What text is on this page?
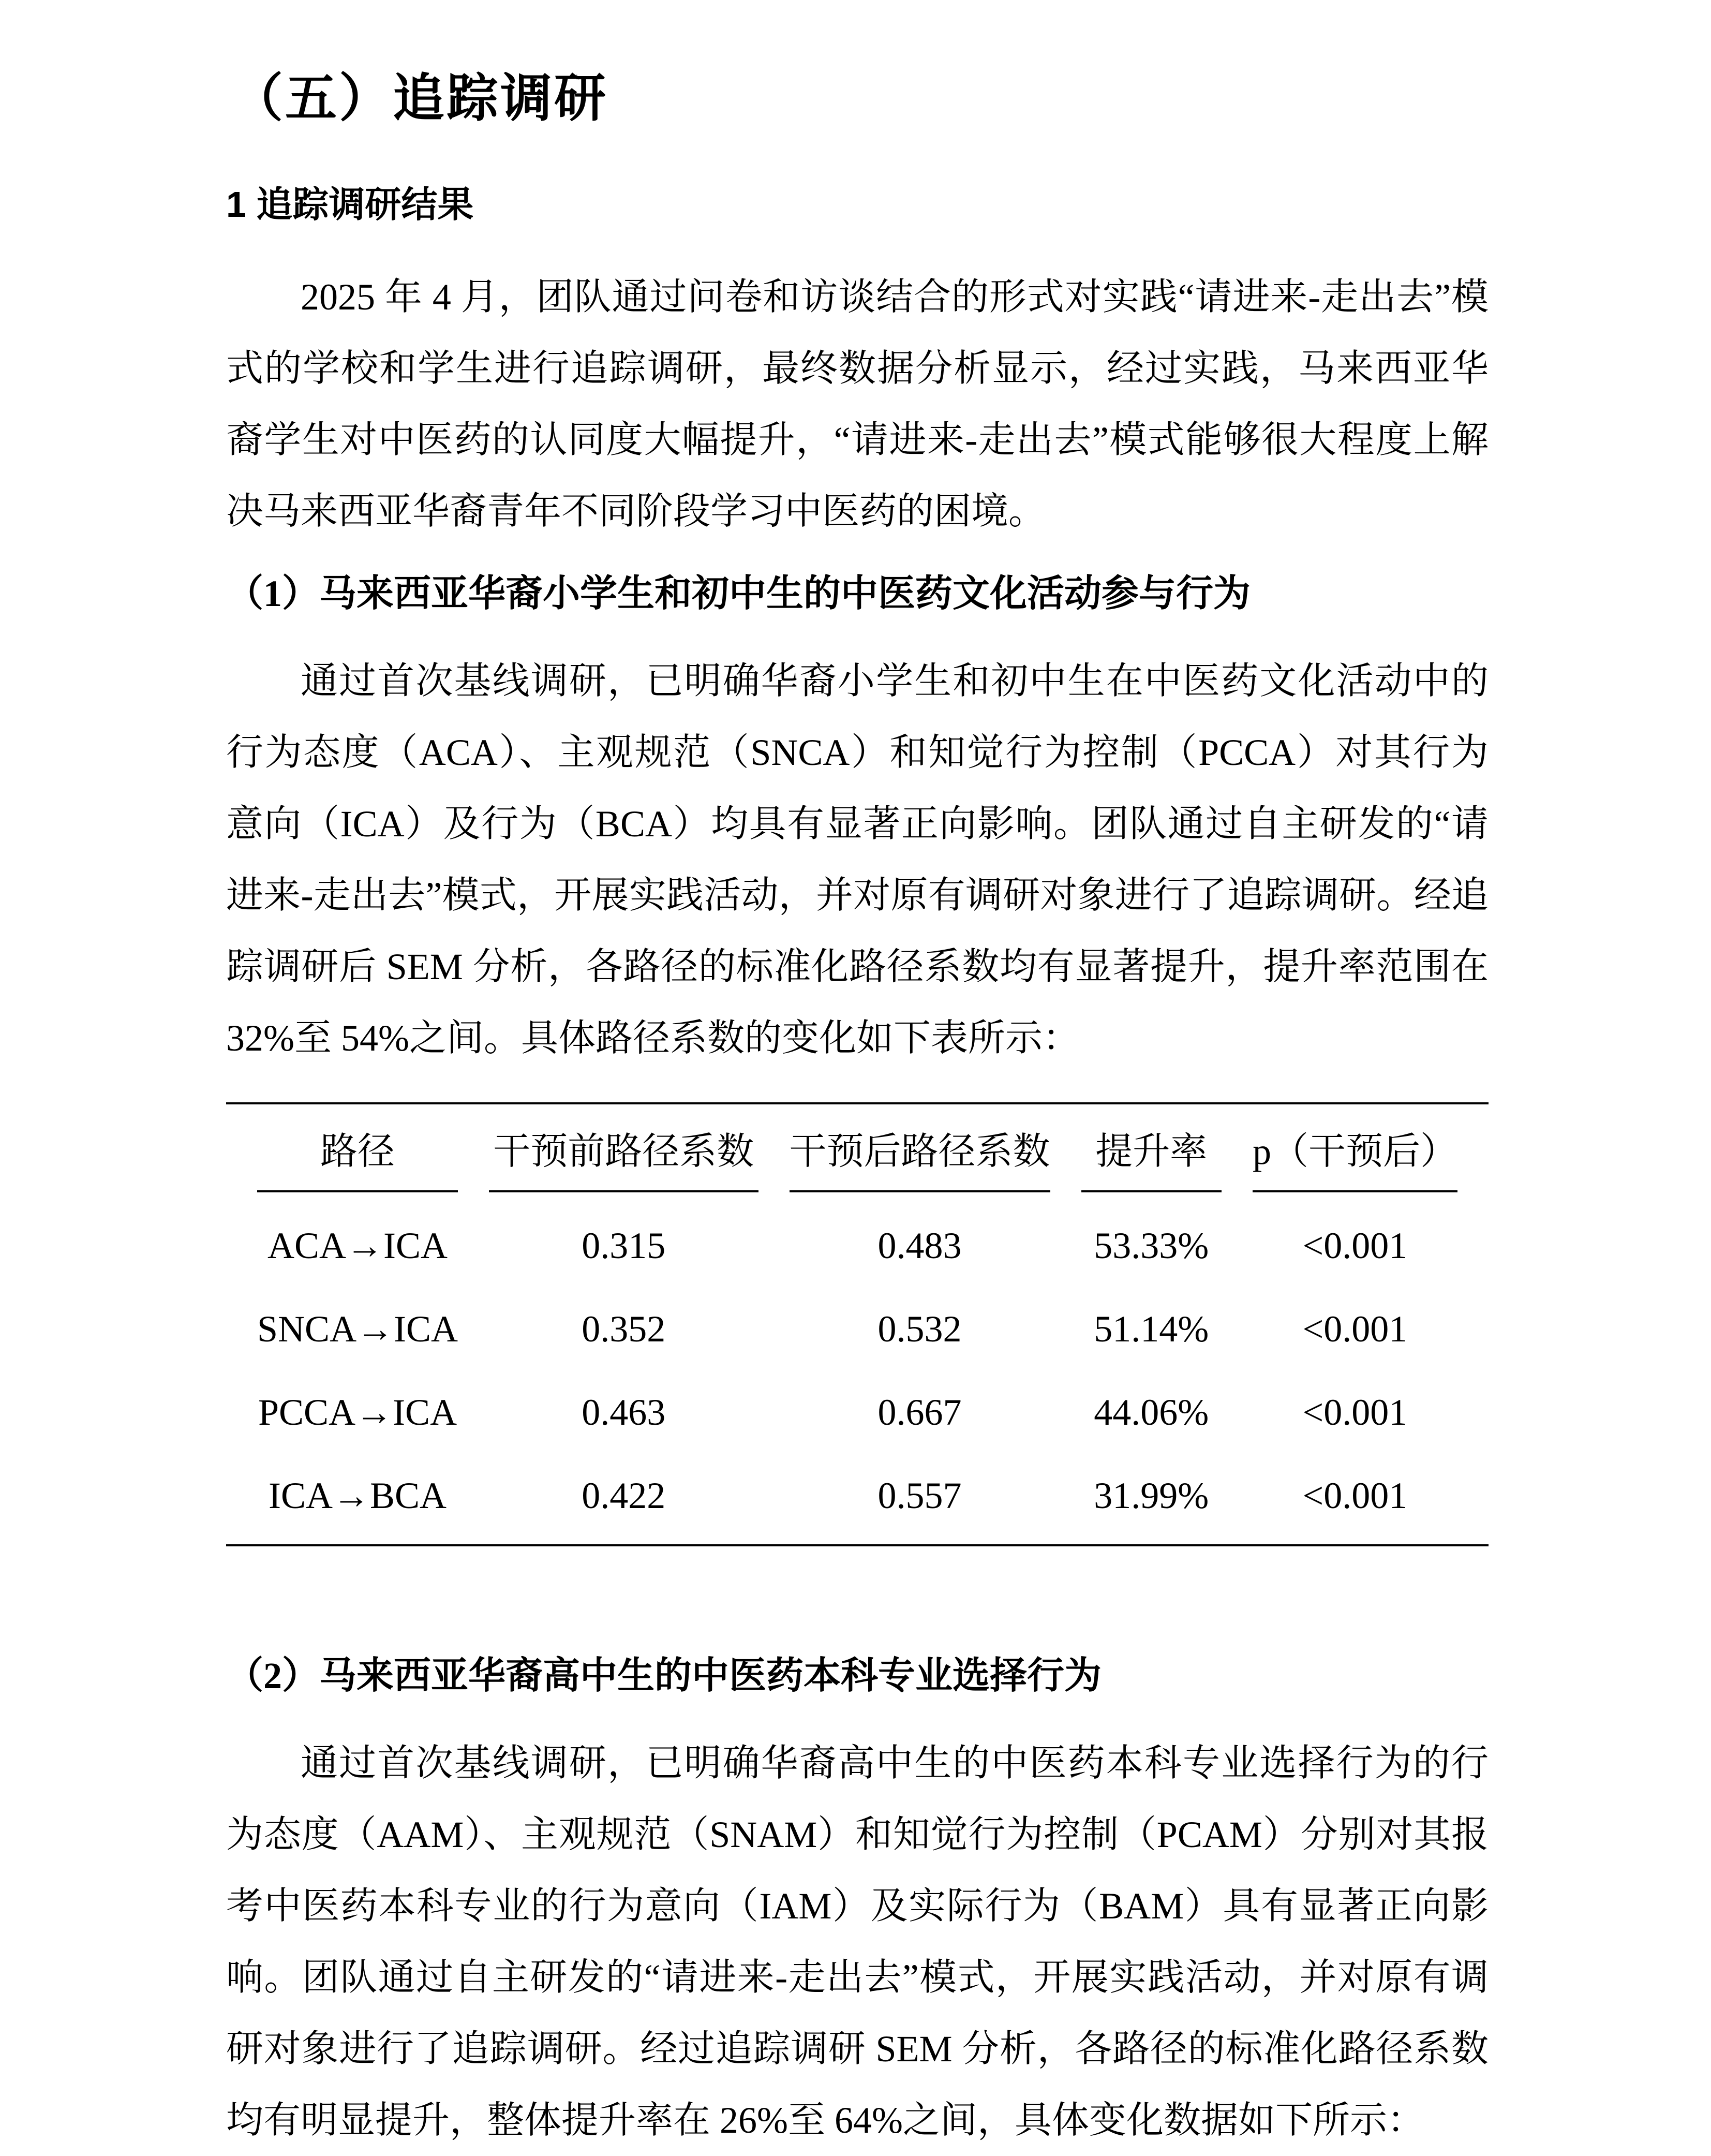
（五）追踪调研
1 追踪调研结果

2025 年 4 月，团队通过问卷和访谈结合的形式对实践“请进来-走出去”模式的学校和学生进行追踪调研，最终数据分析显示，经过实践，马来西亚华裔学生对中医药的认同度大幅提升，“请进来-走出去”模式能够很大程度上解决马来西亚华裔青年不同阶段学习中医药的困境。

（1）马来西亚华裔小学生和初中生的中医药文化活动参与行为

通过首次基线调研，已明确华裔小学生和初中生在中医药文化活动中的行为态度（ACA）、主观规范（SNCA）和知觉行为控制（PCCA）对其行为意向（ICA）及行为（BCA）均具有显著正向影响。团队通过自主研发的“请进来-走出去”模式，开展实践活动，并对原有调研对象进行了追踪调研。经追踪调研后 SEM 分析，各路径的标准化路径系数均有显著提升，提升率范围在 32%至 54%之间。具体路径系数的变化如下表所示：

路径	干预前路径系数	干预后路径系数	提升率	p（干预后）
ACA→ICA	0.315	0.483	53.33%	<0.001
SNCA→ICA	0.352	0.532	51.14%	<0.001
PCCA→ICA	0.463	0.667	44.06%	<0.001
ICA→BCA	0.422	0.557	31.99%	<0.001
（2）马来西亚华裔高中生的中医药本科专业选择行为

通过首次基线调研，已明确华裔高中生的中医药本科专业选择行为的行为态度（AAM）、主观规范（SNAM）和知觉行为控制（PCAM）分别对其报考中医药本科专业的行为意向（IAM）及实际行为（BAM）具有显著正向影响。团队通过自主研发的“请进来-走出去”模式，开展实践活动，并对原有调研对象进行了追踪调研。经过追踪调研 SEM 分析，各路径的标准化路径系数均有明显提升，整体提升率在 26%至 64%之间，具体变化数据如下所示：
